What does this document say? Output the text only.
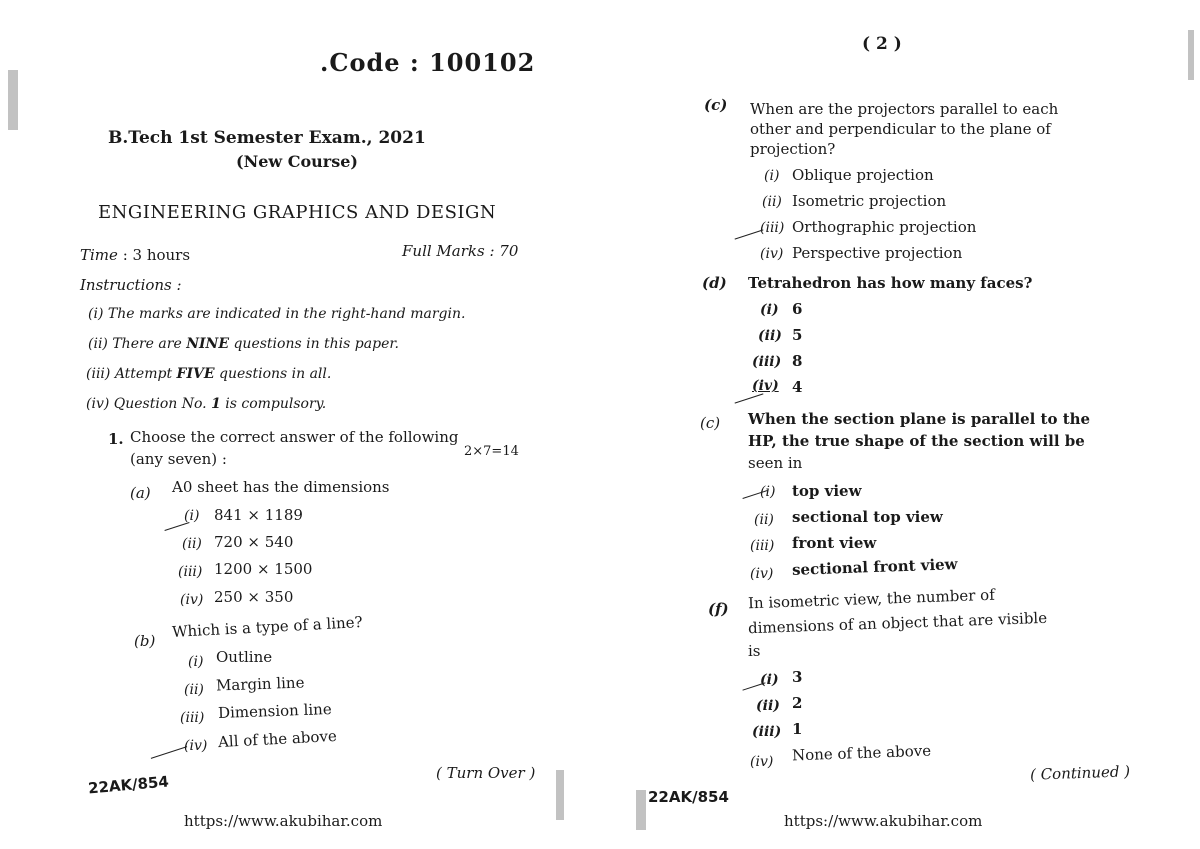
.Code : 100102
B.Tech 1st Semester Exam., 2021
(New Course)
ENGINEERING GRAPHICS AND DESIGN
Time : 3 hours	Full Marks : 70
Instructions :
(i) The marks are indicated in the right-hand margin.
(ii) There are NINE questions in this paper.
(iii) Attempt FIVE questions in all.
(iv) Question No. 1 is compulsory.
1. Choose the correct answer of the following
(any seven) :	2×7=14
(a) A0 sheet has the dimensions
(i) 841 × 1189
(ii) 720 × 540
(iii) 1200 × 1500
(iv) 250 × 350
(b)
Which is a type of a line?
(i) Outline
(ii) Margin line
(iii) Dimension line
(iv) All of the above
( Turn Over )
22AK/854
https://www.akubihar.com
( 2 )
(c) When are the projectors parallel to each
other and perpendicular to the plane of
projection?
(i) Oblique projection
(ii) Isometric projection
(iii) Orthographic projection
(iv) Perspective projection
(d) Tetrahedron has how many faces?
(i) 6
(ii) 5
(iii) 8
(iv) 4
(c) When the section plane is parallel to the
HP, the true shape of the section will be
seen in
(i) top view
(ii) sectional top view
(iii) front view
(iv) sectional front view
(f) In isometric view, the number of
dimensions of an object that are visible
is
(i) 3
(ii) 2
(iii) 1
(iv) None of the above
( Continued )
22AK/854
https://www.akubihar.com
